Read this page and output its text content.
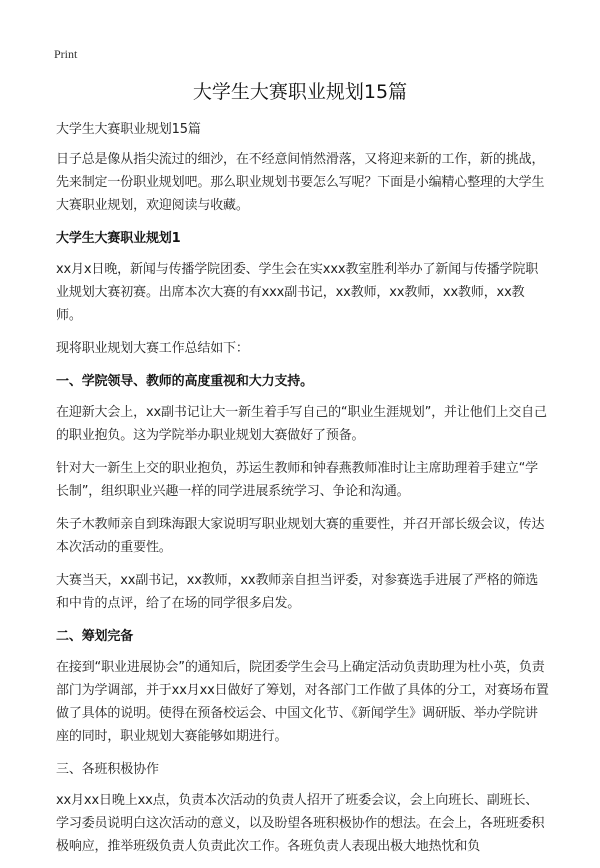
Print
大学生大赛职业规划15篇

大学生大赛职业规划15篇

日子总是像从指尖流过的细沙，在不经意间悄然滑落，又将迎来新的工作，新的挑战，先来制定一份职业规划吧。那么职业规划书要怎么写呢？下面是小编精心整理的大学生大赛职业规划，欢迎阅读与收藏。

大学生大赛职业规划1

xx月x日晚，新闻与传播学院团委、学生会在实xxx教室胜利举办了新闻与传播学院职业规划大赛初赛。出席本次大赛的有xxx副书记，xx教师，xx教师，xx教师，xx教师。

现将职业规划大赛工作总结如下：

一、学院领导、教师的高度重视和大力支持。

在迎新大会上，xx副书记让大一新生着手写自己的“职业生涯规划”，并让他们上交自己的职业抱负。这为学院举办职业规划大赛做好了预备。

针对大一新生上交的职业抱负，苏运生教师和钟春燕教师准时让主席助理着手建立“学长制”，组织职业兴趣一样的同学进展系统学习、争论和沟通。

朱子木教师亲自到珠海跟大家说明写职业规划大赛的重要性，并召开部长级会议，传达本次活动的重要性。

大赛当天，xx副书记，xx教师，xx教师亲自担当评委，对参赛选手进展了严格的筛选和中肯的点评，给了在场的同学很多启发。

二、筹划完备

在接到“职业进展协会”的通知后，院团委学生会马上确定活动负责助理为杜小英，负责部门为学调部，并于xx月xx日做好了筹划，对各部门工作做了具体的分工，对赛场布置做了具体的说明。使得在预备校运会、中国文化节、《新闻学生》调研版、举办学院讲座的同时，职业规划大赛能够如期进行。

三、各班积极协作

xx月xx日晚上xx点，负责本次活动的负责人招开了班委会议，会上向班长、副班长、学习委员说明白这次活动的意义，以及盼望各班积极协作的想法。在会上，各班班委积极响应，推举班级负责人负责此次工作。各班负责人表现出极大地热忱和负
